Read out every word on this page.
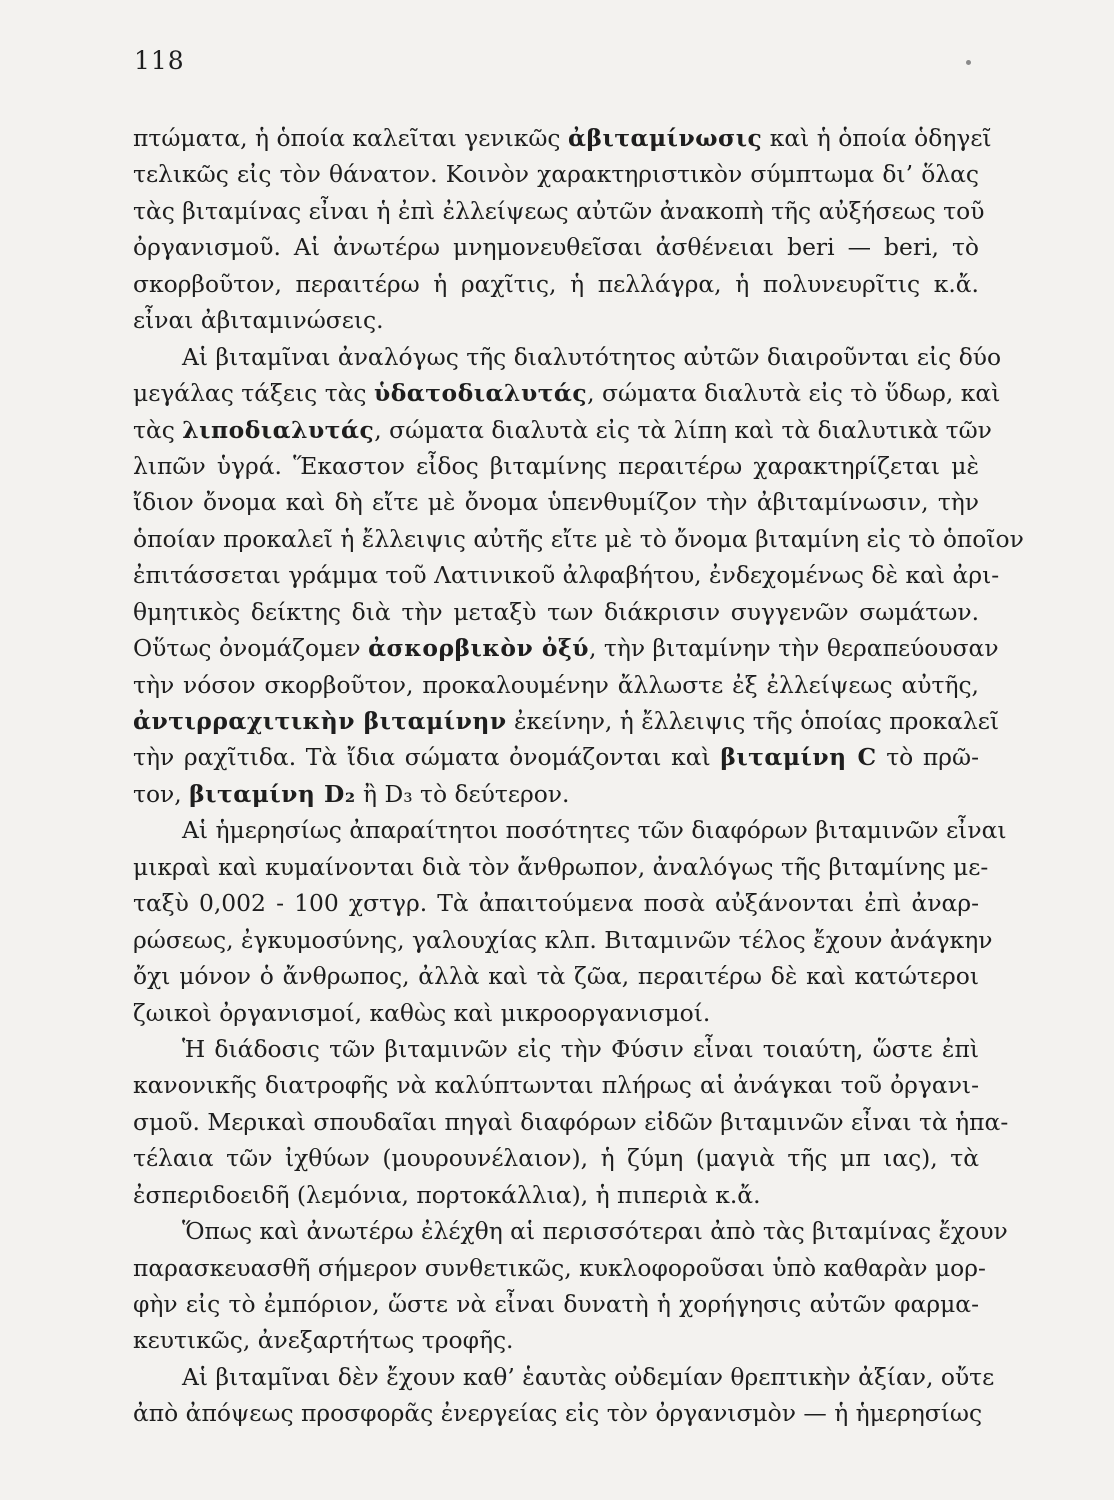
118
πτώματα, ἡ ὁποία καλεῖται γενικῶς ἀβιταμίνωσις καὶ ἡ ὁποία ὁδηγεῖ
τελικῶς εἰς τὸν θάνατον. Κοινὸν χαρακτηριστικὸν σύμπτωμα δι’ ὅλας
τὰς βιταμίνας εἶναι ἡ ἐπὶ ἐλλείψεως αὐτῶν ἀνακοπὴ τῆς αὐξήσεως τοῦ
ὀργανισμοῦ. Αἱ ἀνωτέρω μνημονευθεῖσαι ἀσθένειαι beri — beri, τὸ
σκορβοῦτον, περαιτέρω ἡ ραχῖτις, ἡ πελλάγρα, ἡ πολυνευρῖτις κ.ἄ.
εἶναι ἀβιταμινώσεις.
Αἱ βιταμῖναι ἀναλόγως τῆς διαλυτότητος αὐτῶν διαιροῦνται εἰς δύο
μεγάλας τάξεις τὰς ὑδατοδιαλυτάς, σώματα διαλυτὰ εἰς τὸ ὕδωρ, καὶ
τὰς λιποδιαλυτάς, σώματα διαλυτὰ εἰς τὰ λίπη καὶ τὰ διαλυτικὰ τῶν
λιπῶν ὑγρά. Ἕκαστον εἶδος βιταμίνης περαιτέρω χαρακτηρίζεται μὲ
ἴδιον ὄνομα καὶ δὴ εἴτε μὲ ὄνομα ὑπενθυμίζον τὴν ἀβιταμίνωσιν, τὴν
ὁποίαν προκαλεῖ ἡ ἔλλειψις αὐτῆς εἴτε μὲ τὸ ὄνομα βιταμίνη εἰς τὸ ὁποῖον
ἐπιτάσσεται γράμμα τοῦ Λατινικοῦ ἀλφαβήτου, ἐνδεχομένως δὲ καὶ ἀρι-
θμητικὸς δείκτης διὰ τὴν μεταξὺ των διάκρισιν συγγενῶν σωμάτων.
Οὕτως ὀνομάζομεν ἀσκορβικὸν ὀξύ, τὴν βιταμίνην τὴν θεραπεύουσαν
τὴν νόσον σκορβοῦτον, προκαλουμένην ἄλλωστε ἐξ ἐλλείψεως αὐτῆς,
ἀντιρραχιτικὴν βιταμίνην ἐκείνην, ἡ ἔλλειψις τῆς ὁποίας προκαλεῖ
τὴν ραχῖτιδα. Τὰ ἴδια σώματα ὀνομάζονται καὶ βιταμίνη C τὸ πρῶ-
τον, βιταμίνη D₂ ἢ D₃ τὸ δεύτερον.
Αἱ ἡμερησίως ἀπαραίτητοι ποσότητες τῶν διαφόρων βιταμινῶν εἶναι
μικραὶ καὶ κυμαίνονται διὰ τὸν ἄνθρωπον, ἀναλόγως τῆς βιταμίνης με-
ταξὺ 0,002 - 100 χστγρ. Τὰ ἀπαιτούμενα ποσὰ αὐξάνονται ἐπὶ ἀναρ-
ρώσεως, ἐγκυμοσύνης, γαλουχίας κλπ. Βιταμινῶν τέλος ἔχουν ἀνάγκην
ὄχι μόνον ὁ ἄνθρωπος, ἀλλὰ καὶ τὰ ζῶα, περαιτέρω δὲ καὶ κατώτεροι
ζωικοὶ ὀργανισμοί, καθὼς καὶ μικροοργανισμοί.
Ἡ διάδοσις τῶν βιταμινῶν εἰς τὴν Φύσιν εἶναι τοιαύτη, ὥστε ἐπὶ
κανονικῆς διατροφῆς νὰ καλύπτωνται πλήρως αἱ ἀνάγκαι τοῦ ὀργανι-
σμοῦ. Μερικαὶ σπουδαῖαι πηγαὶ διαφόρων εἰδῶν βιταμινῶν εἶναι τὰ ἡπα-
τέλαια τῶν ἰχθύων (μουρουνέλαιον), ἡ ζύμη (μαγιὰ τῆς μπ ιας), τὰ
ἐσπεριδοειδῆ (λεμόνια, πορτοκάλλια), ἡ πιπεριὰ κ.ἄ.
Ὅπως καὶ ἀνωτέρω ἐλέχθη αἱ περισσότεραι ἀπὸ τὰς βιταμίνας ἔχουν
παρασκευασθῆ σήμερον συνθετικῶς, κυκλοφοροῦσαι ὑπὸ καθαρὰν μορ-
φὴν εἰς τὸ ἐμπόριον, ὥστε νὰ εἶναι δυνατὴ ἡ χορήγησις αὐτῶν φαρμα-
κευτικῶς, ἀνεξαρτήτως τροφῆς.
Αἱ βιταμῖναι δὲν ἔχουν καθ’ ἑαυτὰς οὐδεμίαν θρεπτικὴν ἀξίαν, οὔτε
ἀπὸ ἀπόψεως προσφορᾶς ἐνεργείας εἰς τὸν ὀργανισμὸν — ἡ ἡμερησίως
